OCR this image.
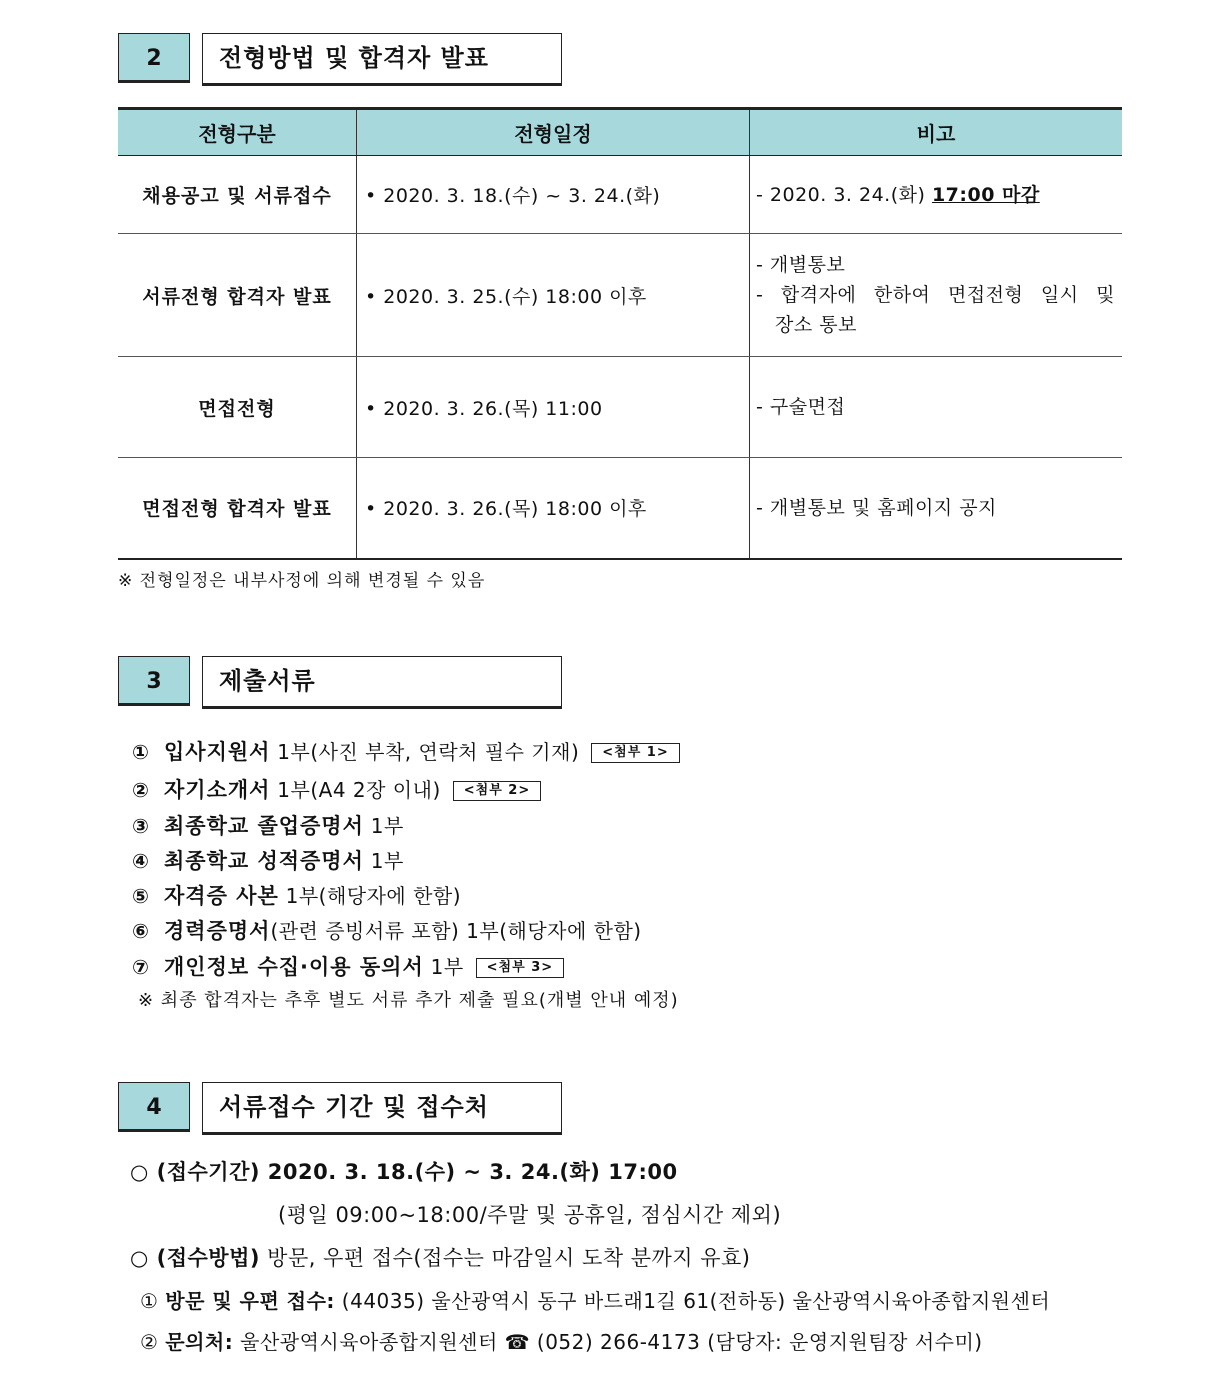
2	전형방법 및 합격자 발표
전형구분	전형일정	비고
채용공고 및 서류접수	• 2020. 3. 18.(수) ~ 3. 24.(화)	- 2020. 3. 24.(화) 17:00 마감
서류전형 합격자 발표	• 2020. 3. 25.(수) 18:00 이후	- 개별통보
- 합격자에 한하여 면접전형 일시 및
장소 통보

면접전형	• 2020. 3. 26.(목) 11:00	- 구술면접
면접전형 합격자 발표	• 2020. 3. 26.(목) 18:00 이후	- 개별통보 및 홈페이지 공지
※ 전형일정은 내부사정에 의해 변경될 수 있음
3	제출서류
① 입사지원서 1부(사진 부착, 연락처 필수 기재) <첨부 1>
② 자기소개서 1부(A4 2장 이내) <첨부 2>
③ 최종학교 졸업증명서 1부
④ 최종학교 성적증명서 1부
⑤ 자격증 사본 1부(해당자에 한함)
⑥ 경력증명서(관련 증빙서류 포함) 1부(해당자에 한함)
⑦ 개인정보 수집·이용 동의서 1부 <첨부 3>
※ 최종 합격자는 추후 별도 서류 추가 제출 필요(개별 안내 예정)
4	서류접수 기간 및 접수처
○ (접수기간) 2020. 3. 18.(수) ~ 3. 24.(화) 17:00
(평일 09:00~18:00/주말 및 공휴일, 점심시간 제외)
○ (접수방법) 방문, 우편 접수(접수는 마감일시 도착 분까지 유효)
① 방문 및 우편 접수: (44035) 울산광역시 동구 바드래1길 61(전하동) 울산광역시육아종합지원센터
② 문의처: 울산광역시육아종합지원센터 ☎ (052) 266-4173 (담당자: 운영지원팀장 서수미)
